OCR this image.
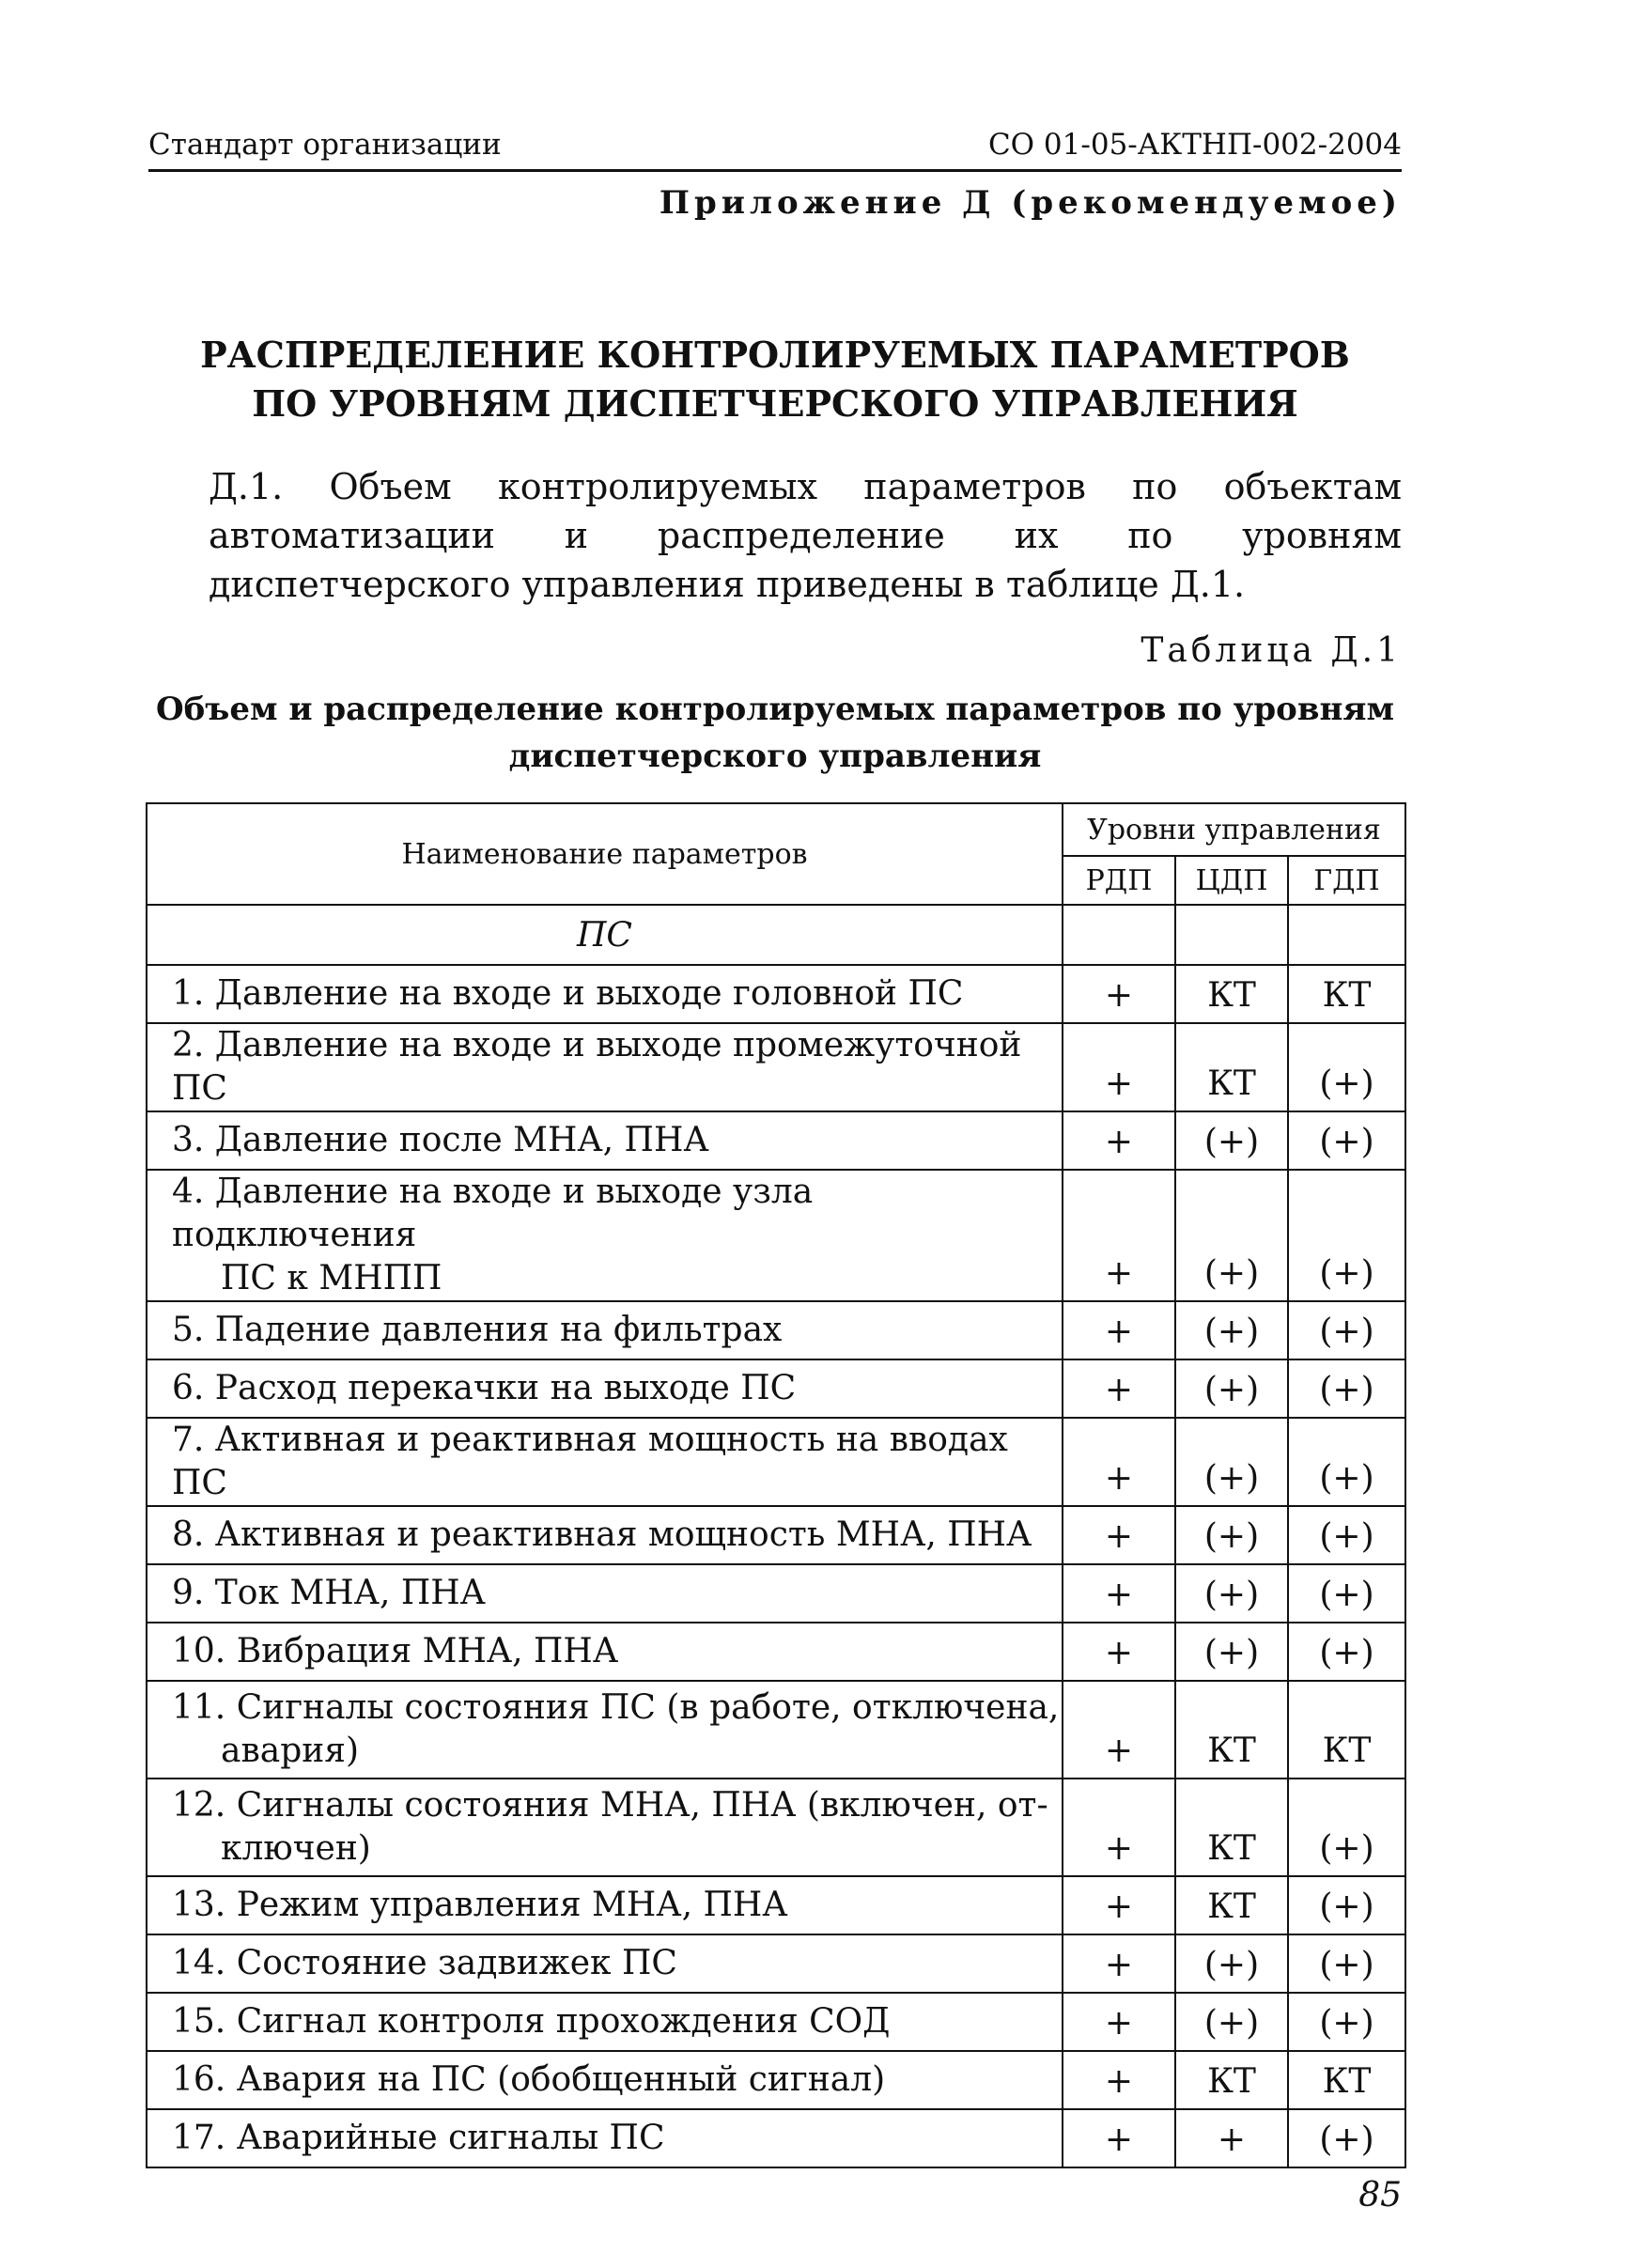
Стандарт организации	СО 01-05-АКТНП-002-2004
Приложение Д (рекомендуемое)
РАСПРЕДЕЛЕНИЕ КОНТРОЛИРУЕМЫХ ПАРАМЕТРОВ
ПО УРОВНЯМ ДИСПЕТЧЕРСКОГО УПРАВЛЕНИЯ
Д.1. Объем контролируемых параметров по объектам автоматизации и распределение их по уровням диспетчерского управления приведены в таблице Д.1.
Таблица Д.1
Объем и распределение контролируемых параметров по уровням
диспетчерского управления
Наименование параметров	Уровни управления		
	РДП	ЦДП	ГДП
ПС			

1. Давление на входе и выходе головной ПС	+	КТ	КТ

2. Давление на входе и выходе промежуточной ПС	+	КТ	(+)

3. Давление после МНА, ПНА	+	(+)	(+)

4. Давление на входе и выходе узла подключения
ПС к МНПП	+	(+)	(+)

5. Падение давления на фильтрах	+	(+)	(+)

6. Расход перекачки на выходе ПС	+	(+)	(+)

7. Активная и реактивная мощность на вводах ПС	+	(+)	(+)

8. Активная и реактивная мощность МНА, ПНА	+	(+)	(+)

9. Ток МНА, ПНА	+	(+)	(+)

10. Вибрация МНА, ПНА	+	(+)	(+)

11. Сигналы состояния ПС (в работе, отключена,
авария)	+	КТ	КТ

12. Сигналы состояния МНА, ПНА (включен, от-
ключен)	+	КТ	(+)

13. Режим управления МНА, ПНА	+	КТ	(+)

14. Состояние задвижек ПС	+	(+)	(+)

15. Сигнал контроля прохождения СОД	+	(+)	(+)

16. Авария на ПС (обобщенный сигнал)	+	КТ	КТ

17. Аварийные сигналы ПС	+	+	(+)
85
